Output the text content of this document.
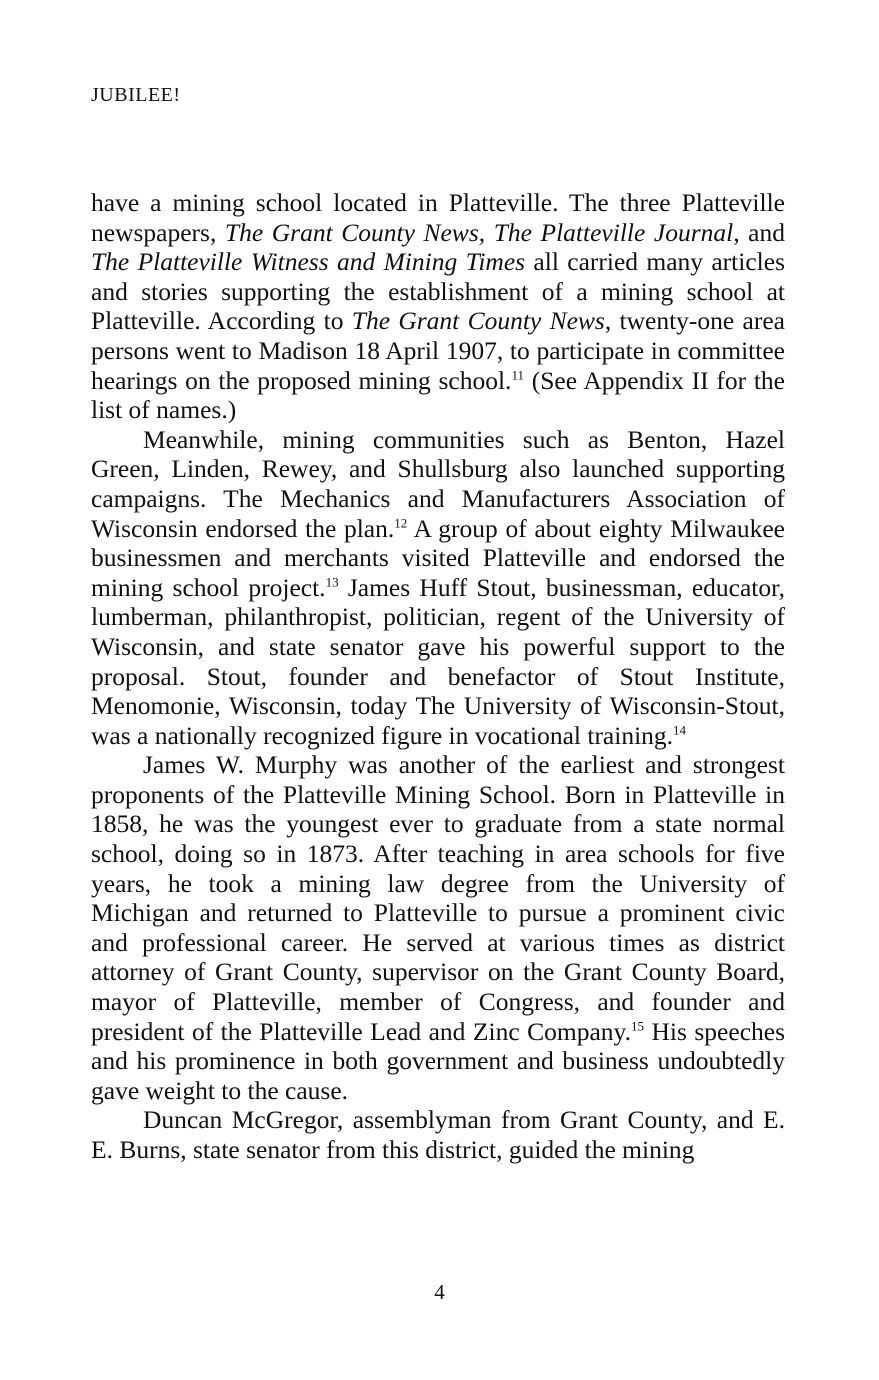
JUBILEE!

have a mining school located in Platteville. The three Platteville newspapers, The Grant County News, The Platteville Journal, and The Platteville Witness and Mining Times all carried many articles and stories supporting the establishment of a mining school at Platteville. According to The Grant County News, twenty-one area persons went to Madison 18 April 1907, to participate in committee hearings on the proposed mining school.$^{11}$ (See Appendix II for the list of names.)

Meanwhile, mining communities such as Benton, Hazel Green, Linden, Rewey, and Shullsburg also launched supporting campaigns. The Mechanics and Manufacturers Association of Wisconsin endorsed the plan.$^{12}$ A group of about eighty Milwaukee businessmen and merchants visited Platteville and endorsed the mining school project.$^{13}$ James Huff Stout, businessman, educator, lumberman, philanthropist, politician, regent of the University of Wisconsin, and state senator gave his powerful support to the proposal. Stout, founder and benefactor of Stout Institute, Menomonie, Wisconsin, today The University of Wisconsin-Stout, was a nationally recognized figure in vocational training.$^{14}$

James W. Murphy was another of the earliest and strongest proponents of the Platteville Mining School. Born in Platteville in 1858, he was the youngest ever to graduate from a state normal school, doing so in 1873. After teaching in area schools for five years, he took a mining law degree from the University of Michigan and returned to Platteville to pursue a prominent civic and professional career. He served at various times as district attorney of Grant County, supervisor on the Grant County Board, mayor of Platteville, member of Congress, and founder and president of the Platteville Lead and Zinc Company.$^{15}$ His speeches and his prominence in both government and business undoubtedly gave weight to the cause.

Duncan McGregor, assemblyman from Grant County, and E. E. Burns, state senator from this district, guided the mining

4
